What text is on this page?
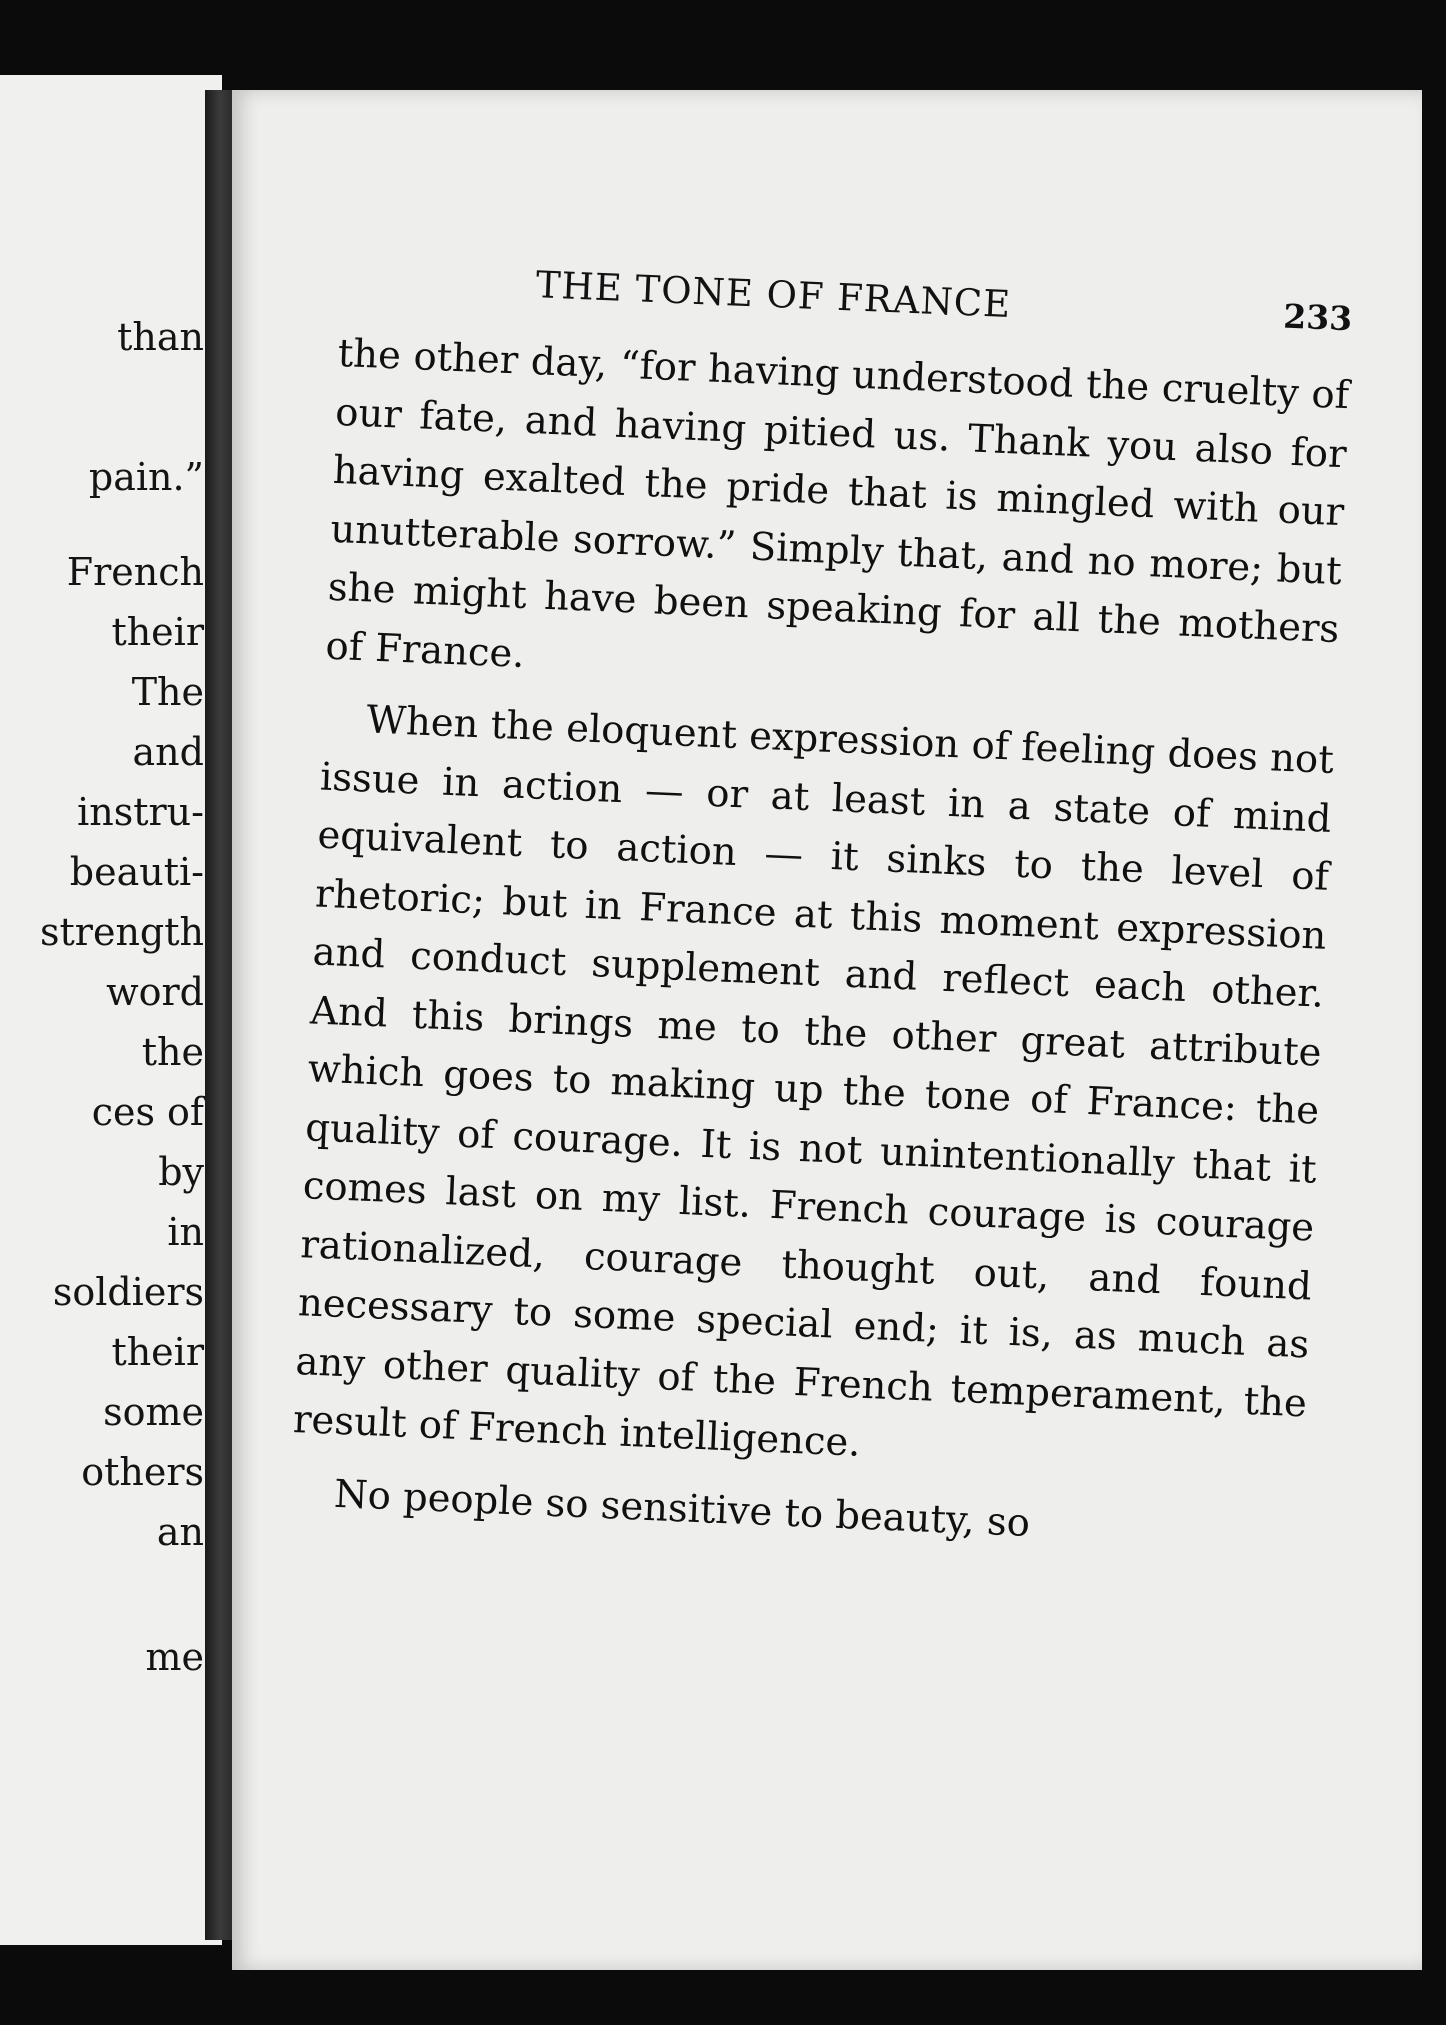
than
pain.”
French
their
The
and
instru-
beauti-
strength
word
the
ces of
by
in
soldiers
their
some
others
an
me
THE TONE OF FRANCE	233

the other day, “for having understood the cruelty of our fate, and having pitied us. Thank you also for having exalted the pride that is mingled with our unutterable sorrow.” Simply that, and no more; but she might have been speaking for all the mothers of France.

When the eloquent expression of feeling does not issue in action — or at least in a state of mind equivalent to action — it sinks to the level of rhetoric; but in France at this moment expression and conduct supplement and reflect each other. And this brings me to the other great attribute which goes to making up the tone of France: the quality of courage. It is not unintentionally that it comes last on my list. French courage is courage rationalized, courage thought out, and found necessary to some special end; it is, as much as any other quality of the French temperament, the result of French intelligence.

No people so sensitive to beauty, so
